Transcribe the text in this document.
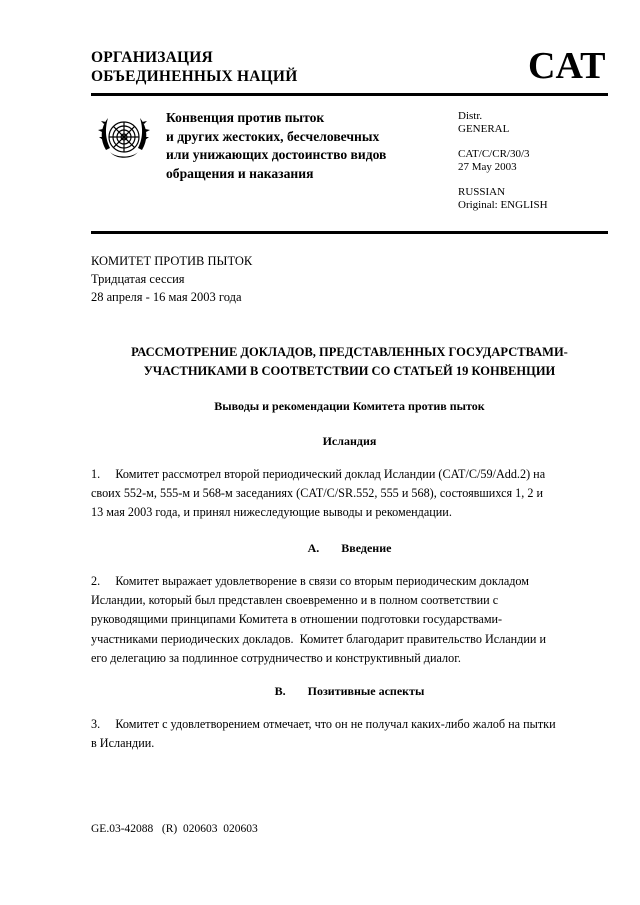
ОРГАНИЗАЦИЯ
ОБЪЕДИНЕННЫХ НАЦИЙ	CAT
Конвенция против пыток
и других жестоких, бесчеловечных
или унижающих достоинство видов
обращения и наказания
Distr.
GENERAL
CAT/C/CR/30/3
27 May 2003
RUSSIAN
Original: ENGLISH
КОМИТЕТ ПРОТИВ ПЫТОК
Тридцатая сессия
28 апреля - 16 мая 2003 года
РАССМОТРЕНИЕ ДОКЛАДОВ, ПРЕДСТАВЛЕННЫХ ГОСУДАРСТВАМИ-
УЧАСТНИКАМИ В СООТВЕТСТВИИ СО СТАТЬЕЙ 19 КОНВЕНЦИИ
Выводы и рекомендации Комитета против пыток
Исландия
1.     Комитет рассмотрел второй периодический доклад Исландии (CAT/C/59/Add.2) на
своих 552-м, 555-м и 568-м заседаниях (CAT/C/SR.552, 555 и 568), состоявшихся 1, 2 и
13 мая 2003 года, и принял нижеследующие выводы и рекомендации.
A. Введение
2.     Комитет выражает удовлетворение в связи со вторым периодическим докладом
Исландии, который был представлен своевременно и в полном соответствии с
руководящими принципами Комитета в отношении подготовки государствами-
участниками периодических докладов.  Комитет благодарит правительство Исландии и
его делегацию за подлинное сотрудничество и конструктивный диалог.
B. Позитивные аспекты
3.     Комитет с удовлетворением отмечает, что он не получал каких-либо жалоб на пытки
в Исландии.
GE.03-42088   (R)  020603  020603
